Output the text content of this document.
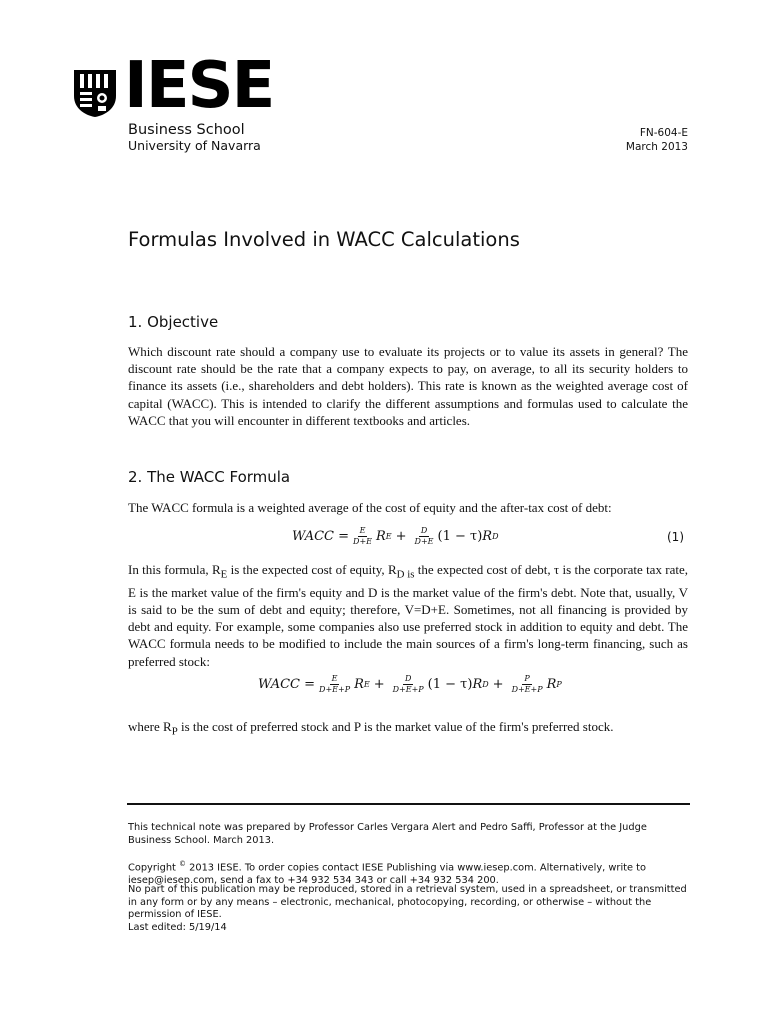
IESE
Business School
University of Navarra
FN-604-E
March 2013
Formulas Involved in WACC Calculations
1. Objective
Which discount rate should a company use to evaluate its projects or to value its assets in general? The discount rate should be the rate that a company expects to pay, on average, to all its security holders to finance its assets (i.e., shareholders and debt holders). This rate is known as the weighted average cost of capital (WACC). This is intended to clarify the different assumptions and formulas used to calculate the WACC that you will encounter in different textbooks and articles.
2. The WACC Formula
The WACC formula is a weighted average of the cost of equity and the after-tax cost of debt:
WACC = $\frac{E}{D+E}$ R $E + \frac{D}{D+E} (1 - \tau)$ R D	(1)
In this formula, $R_E$ is the expected cost of equity, $R_{D is}$ the expected cost of debt, τ is the corporate tax rate, E is the market value of the firm's equity and D is the market value of the firm's debt. Note that, usually, V is said to be the sum of debt and equity; therefore, V=D+E. Sometimes, not all financing is provided by debt and equity. For example, some companies also use preferred stock in addition to equity and debt. The WACC formula needs to be modified to include the main sources of a firm's long-term financing, such as preferred stock:
WACC = $\frac{E}{D+E+P}$ R $E + \frac{D}{D+E+P} (1 - \tau)$ R $D + \frac{P}{D+E+P}$ R P
where $R_P$ is the cost of preferred stock and P is the market value of the firm's preferred stock.
This technical note was prepared by Professor Carles Vergara Alert and Pedro Saffi, Professor at the Judge Business School. March 2013.
Copyright © 2013 IESE. To order copies contact IESE Publishing via www.iesep.com. Alternatively, write to iesep@iesep.com, send a fax to +34 932 534 343 or call +34 932 534 200.
No part of this publication may be reproduced, stored in a retrieval system, used in a spreadsheet, or transmitted in any form or by any means – electronic, mechanical, photocopying, recording, or otherwise – without the permission of IESE.
Last edited: 5/19/14
